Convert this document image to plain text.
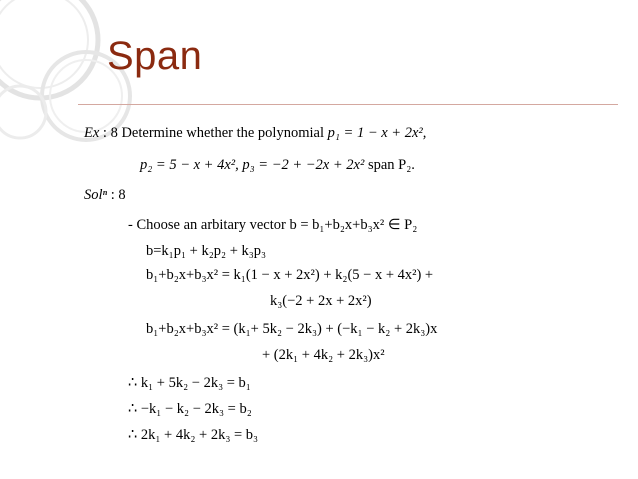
Span
Ex : 8 Determine whether the polynomial p₁ = 1 − x + 2x²,
p₂ = 5 − x + 4x², p₃ = −2 + −2x + 2x² span P₂.
Solⁿ : 8
- Choose an arbitary vector b = b₁+b₂x+b₃x² ∈ P₂
b=k₁p₁ + k₂p₂ + k₃p₃
b₁+b₂x+b₃x² = k₁(1 − x + 2x²) + k₂(5 − x + 4x²) +
k₃(−2 + 2x + 2x²)
b₁+b₂x+b₃x² = (k₁+ 5k₂ − 2k₃) + (−k₁ − k₂ + 2k₃)x
+ (2k₁ + 4k₂ + 2k₃)x²
∴ k₁ + 5k₂ − 2k₃ = b₁
∴ −k₁ − k₂ − 2k₃ = b₂
∴ 2k₁ + 4k₂ + 2k₃ = b₃
